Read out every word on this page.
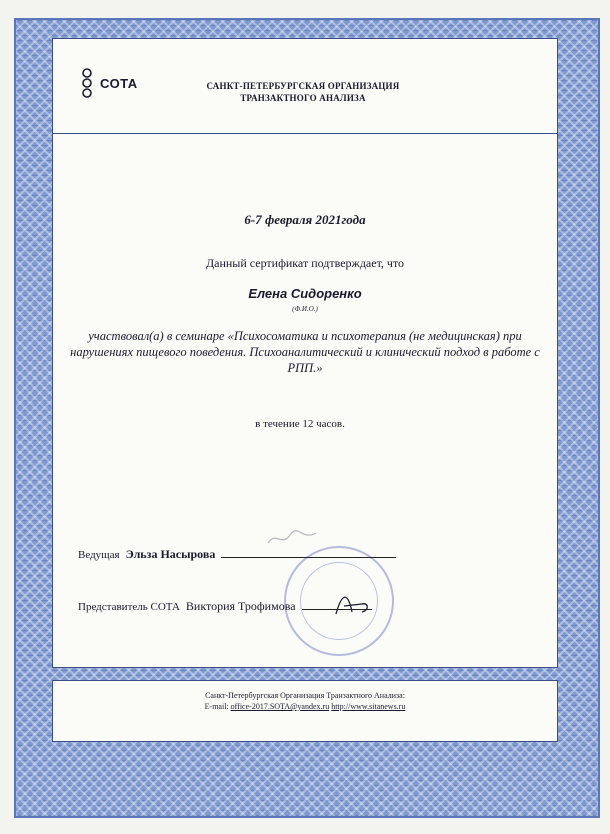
СОТА	САНКТ-ПЕТЕРБУРГСКАЯ ОРГАНИЗАЦИЯ
ТРАНЗАКТНОГО АНАЛИЗА
6-7 февраля 2021года
Данный сертификат подтверждает, что
Елена Сидоренко
(Ф.И.О.)
участвовал(а) в семинаре «Психосоматика и психотерапия (не медицинская) при нарушениях пищевого поведения. Психоаналитический и клинический подход в работе с РПП.»
в течение 12 часов.
Ведущая Эльза Насырова
Представитель СОТА Виктория Трофимова
Санкт-Петербургская Организация Транзактного Анализа:
E-mail: office-2017.SOTA@yandex.ru http://www.sitanews.ru
